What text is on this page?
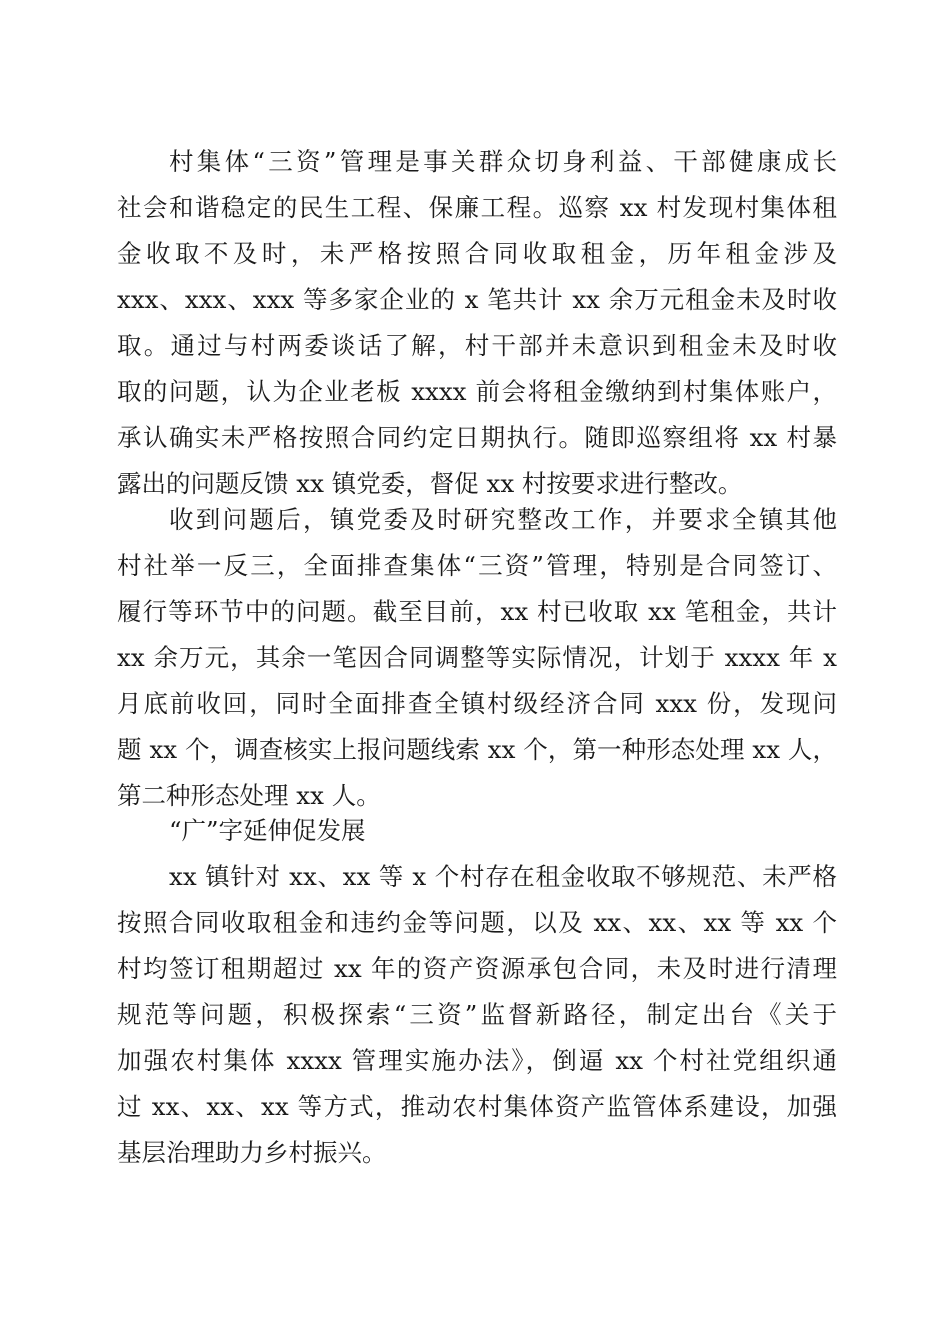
村集体“三资”管理是事关群众切身利益、干部健康成长
社会和谐稳定的民生工程、保廉工程。巡察 xx 村发现村集体租
金收取不及时，未严格按照合同收取租金，历年租金涉及
xxx、xxx、xxx 等多家企业的 x 笔共计 xx 余万元租金未及时收
取。通过与村两委谈话了解，村干部并未意识到租金未及时收
取的问题，认为企业老板 xxxx 前会将租金缴纳到村集体账户，
承认确实未严格按照合同约定日期执行。随即巡察组将 xx 村暴
露出的问题反馈 xx 镇党委，督促 xx 村按要求进行整改。
收到问题后，镇党委及时研究整改工作，并要求全镇其他
村社举一反三，全面排查集体“三资”管理，特别是合同签订、
履行等环节中的问题。截至目前，xx 村已收取 xx 笔租金，共计
xx 余万元，其余一笔因合同调整等实际情况，计划于 xxxx 年 x
月底前收回，同时全面排查全镇村级经济合同 xxx 份，发现问
题 xx 个，调查核实上报问题线索 xx 个，第一种形态处理 xx 人，
第二种形态处理 xx 人。
“广”字延伸促发展
xx 镇针对 xx、xx 等 x 个村存在租金收取不够规范、未严格
按照合同收取租金和违约金等问题，以及 xx、xx、xx 等 xx 个
村均签订租期超过 xx 年的资产资源承包合同，未及时进行清理
规范等问题，积极探索“三资”监督新路径，制定出台《关于
加强农村集体 xxxx 管理实施办法》，倒逼 xx 个村社党组织通
过 xx、xx、xx 等方式，推动农村集体资产监管体系建设，加强
基层治理助力乡村振兴。
